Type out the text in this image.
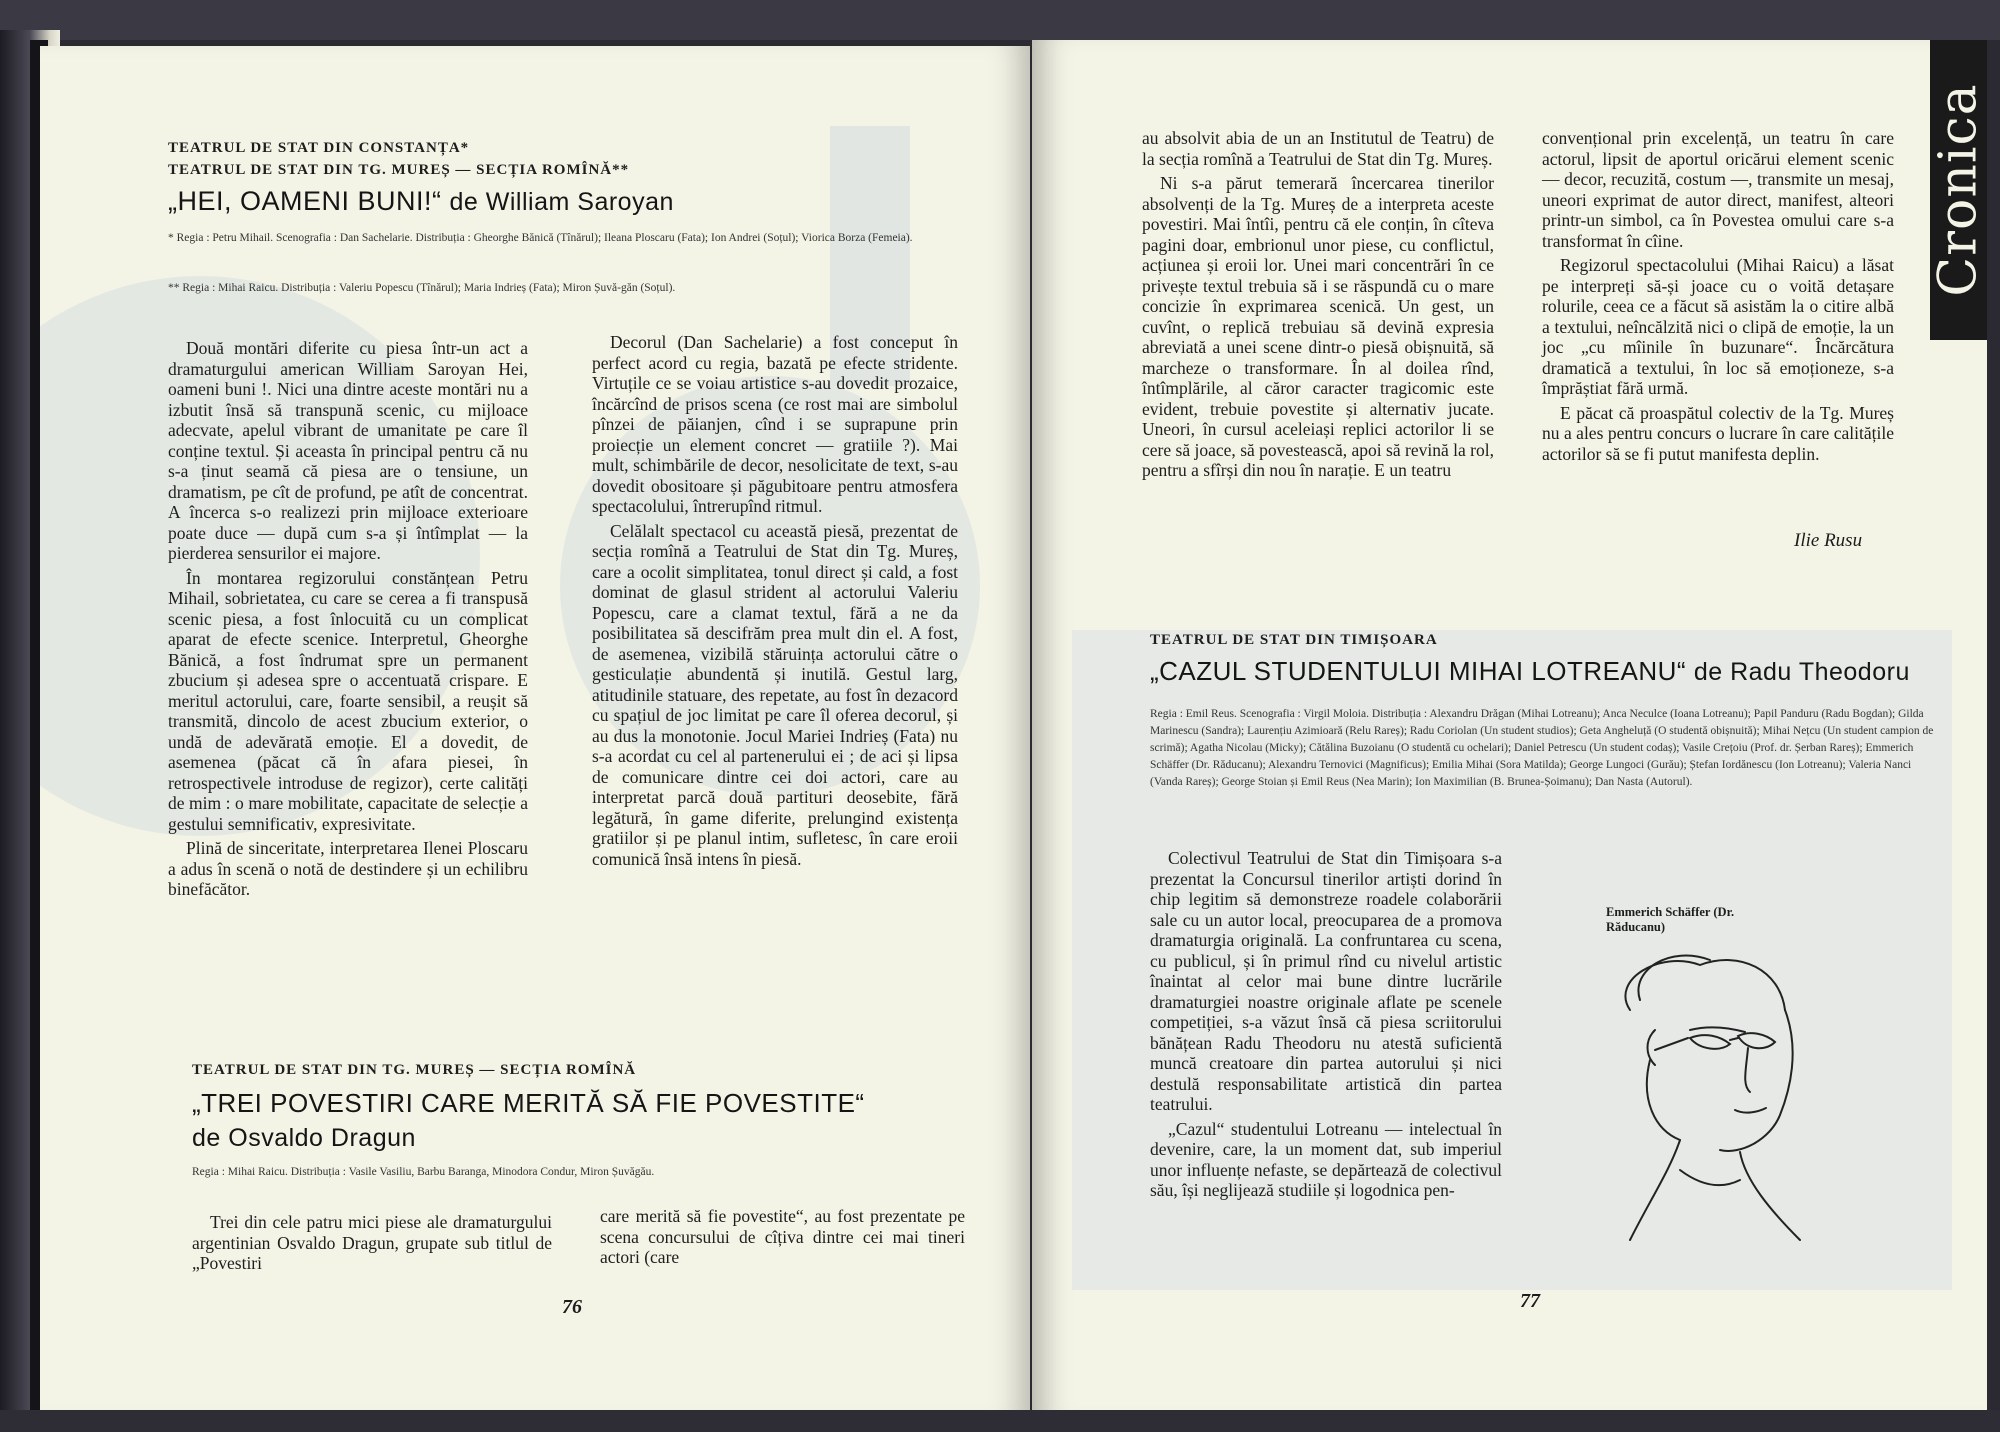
TEATRUL DE STAT DIN CONSTANȚA*
TEATRUL DE STAT DIN TG. MUREȘ — SECȚIA ROMÎNĂ**
„HEI, OAMENI BUNI!“ de William Saroyan
* Regia : Petru Mihail. Scenografia : Dan Sachelarie. Distribuția : Gheorghe Bănică (Tînărul); Ileana Ploscaru (Fata); Ion Andrei (Soțul); Viorica Borza (Femeia).
** Regia : Mihai Raicu. Distribuția : Valeriu Popescu (Tînărul); Maria Indrieș (Fata); Miron Șuvă-găn (Soțul).

Două montări diferite cu piesa într-un act a dramaturgului american William Saroyan Hei, oameni buni !. Nici una dintre aceste montări nu a izbutit însă să transpună scenic, cu mijloace adecvate, apelul vibrant de umanitate pe care îl conține textul. Și aceasta în principal pentru că nu s-a ținut seamă că piesa are o tensiune, un dramatism, pe cît de profund, pe atît de concentrat. A încerca s-o realizezi prin mijloace exterioare poate duce — după cum s-a și întîmplat — la pierderea sensurilor ei majore.

În montarea regizorului constănțean Petru Mihail, sobrietatea, cu care se cerea a fi transpusă scenic piesa, a fost înlocuită cu un complicat aparat de efecte scenice. Interpretul, Gheorghe Bănică, a fost îndrumat spre un permanent zbucium și adesea spre o accentuată crispare. E meritul actorului, care, foarte sensibil, a reușit să transmită, dincolo de acest zbucium exterior, o undă de adevărată emoție. El a dovedit, de asemenea (păcat că în afara piesei, în retrospectivele introduse de regizor), certe calități de mim : o mare mobilitate, capacitate de selecție a gestului semnificativ, expresivitate.

Plină de sinceritate, interpretarea Ilenei Ploscaru a adus în scenă o notă de destindere și un echilibru binefăcător.

Decorul (Dan Sachelarie) a fost conceput în perfect acord cu regia, bazată pe efecte stridente. Virtuțile ce se voiau artistice s-au dovedit prozaice, încărcînd de prisos scena (ce rost mai are simbolul pînzei de păianjen, cînd i se suprapune prin proiecție un element concret — gratiile ?). Mai mult, schimbările de decor, nesolicitate de text, s-au dovedit obositoare și păgubitoare pentru atmosfera spectacolului, întrerupînd ritmul.

Celălalt spectacol cu această piesă, prezentat de secția romînă a Teatrului de Stat din Tg. Mureș, care a ocolit simplitatea, tonul direct și cald, a fost dominat de glasul strident al actorului Valeriu Popescu, care a clamat textul, fără a ne da posibilitatea să descifrăm prea mult din el. A fost, de asemenea, vizibilă stăruința actorului către o gesticulație abundentă și inutilă. Gestul larg, atitudinile statuare, des repetate, au fost în dezacord cu spațiul de joc limitat pe care îl oferea decorul, și au dus la monotonie. Jocul Mariei Indrieș (Fata) nu s-a acordat cu cel al partenerului ei ; de aci și lipsa de comunicare dintre cei doi actori, care au interpretat parcă două partituri deosebite, fără legătură, în game diferite, prelungind existența gratiilor și pe planul intim, sufletesc, în care eroii comunică însă intens în piesă.

TEATRUL DE STAT DIN TG. MUREȘ — SECȚIA ROMÎNĂ
„TREI POVESTIRI CARE MERITĂ SĂ FIE POVESTITE“
de Osvaldo Dragun
Regia : Mihai Raicu. Distribuția : Vasile Vasiliu, Barbu Baranga, Minodora Condur, Miron Șuvăgău.

Trei din cele patru mici piese ale dramaturgului argentinian Osvaldo Dragun, grupate sub titlul de „Povestiri

care merită să fie povestite“, au fost prezentate pe scena concursului de cîțiva dintre cei mai tineri actori (care

76

au absolvit abia de un an Institutul de Teatru) de la secția romînă a Teatrului de Stat din Tg. Mureș.

Ni s-a părut temerară încercarea tinerilor absolvenți de la Tg. Mureș de a interpreta aceste povestiri. Mai întîi, pentru că ele conțin, în cîteva pagini doar, embrionul unor piese, cu conflictul, acțiunea și eroii lor. Unei mari concentrări în ce privește textul trebuia să i se răspundă cu o mare concizie în exprimarea scenică. Un gest, un cuvînt, o replică trebuiau să devină expresia abreviată a unei scene dintr-o piesă obișnuită, să marcheze o transformare. În al doilea rînd, întîmplările, al căror caracter tragicomic este evident, trebuie povestite și alternativ jucate. Uneori, în cursul aceleiași replici actorilor li se cere să joace, să povestească, apoi să revină la rol, pentru a sfîrși din nou în narație. E un teatru

convențional prin excelență, un teatru în care actorul, lipsit de aportul oricărui element scenic — decor, recuzită, costum —, transmite un mesaj, uneori exprimat de autor direct, manifest, alteori printr-un simbol, ca în Povestea omului care s-a transformat în cîine.

Regizorul spectacolului (Mihai Raicu) a lăsat pe interpreți să-și joace cu o voită detașare rolurile, ceea ce a făcut să asistăm la o citire albă a textului, neîncălzită nici o clipă de emoție, la un joc „cu mîinile în buzunare“. Încărcătura dramatică a textului, în loc să emoționeze, s-a împrăștiat fără urmă.

E păcat că proaspătul colectiv de la Tg. Mureș nu a ales pentru concurs o lucrare în care calitățile actorilor să se fi putut manifesta deplin.

Ilie Rusu
TEATRUL DE STAT DIN TIMIȘOARA
„CAZUL STUDENTULUI MIHAI LOTREANU“ de Radu Theodoru
Regia : Emil Reus. Scenografia : Virgil Moloia. Distribuția : Alexandru Drăgan (Mihai Lotreanu); Anca Neculce (Ioana Lotreanu); Papil Panduru (Radu Bogdan); Gilda Marinescu (Sandra); Laurențiu Azimioară (Relu Rareș); Radu Coriolan (Un student studios); Geta Angheluță (O studentă obișnuită); Mihai Nețcu (Un student campion de scrimă); Agatha Nicolau (Micky); Cătălina Buzoianu (O studentă cu ochelari); Daniel Petrescu (Un student codaș); Vasile Crețoiu (Prof. dr. Șerban Rareș); Emmerich Schäffer (Dr. Răducanu); Alexandru Ternovici (Magnificus); Emilia Mihai (Sora Matilda); George Lungoci (Gurău); Ștefan Iordănescu (Ion Lotreanu); Valeria Nanci (Vanda Rareș); George Stoian și Emil Reus (Nea Marin); Ion Maximilian (B. Brunea-Șoimanu); Dan Nasta (Autorul).

Colectivul Teatrului de Stat din Timișoara s-a prezentat la Concursul tinerilor artiști dorind în chip legitim să demonstreze roadele colaborării sale cu un autor local, preocuparea de a promova dramaturgia originală. La confruntarea cu scena, cu publicul, și în primul rînd cu nivelul artistic înaintat al celor mai bune dintre lucrările dramaturgiei noastre originale aflate pe scenele competiției, s-a văzut însă că piesa scriitorului bănățean Radu Theodoru nu atestă suficientă muncă creatoare din partea autorului și nici destulă responsabilitate artistică din partea teatrului.

„Cazul“ studentului Lotreanu — intelectual în devenire, care, la un moment dat, sub imperiul unor influențe nefaste, se depărtează de colectivul său, își neglijează studiile și logodnica pen-

Emmerich Schäffer (Dr. Răducanu)
77
Cronica
